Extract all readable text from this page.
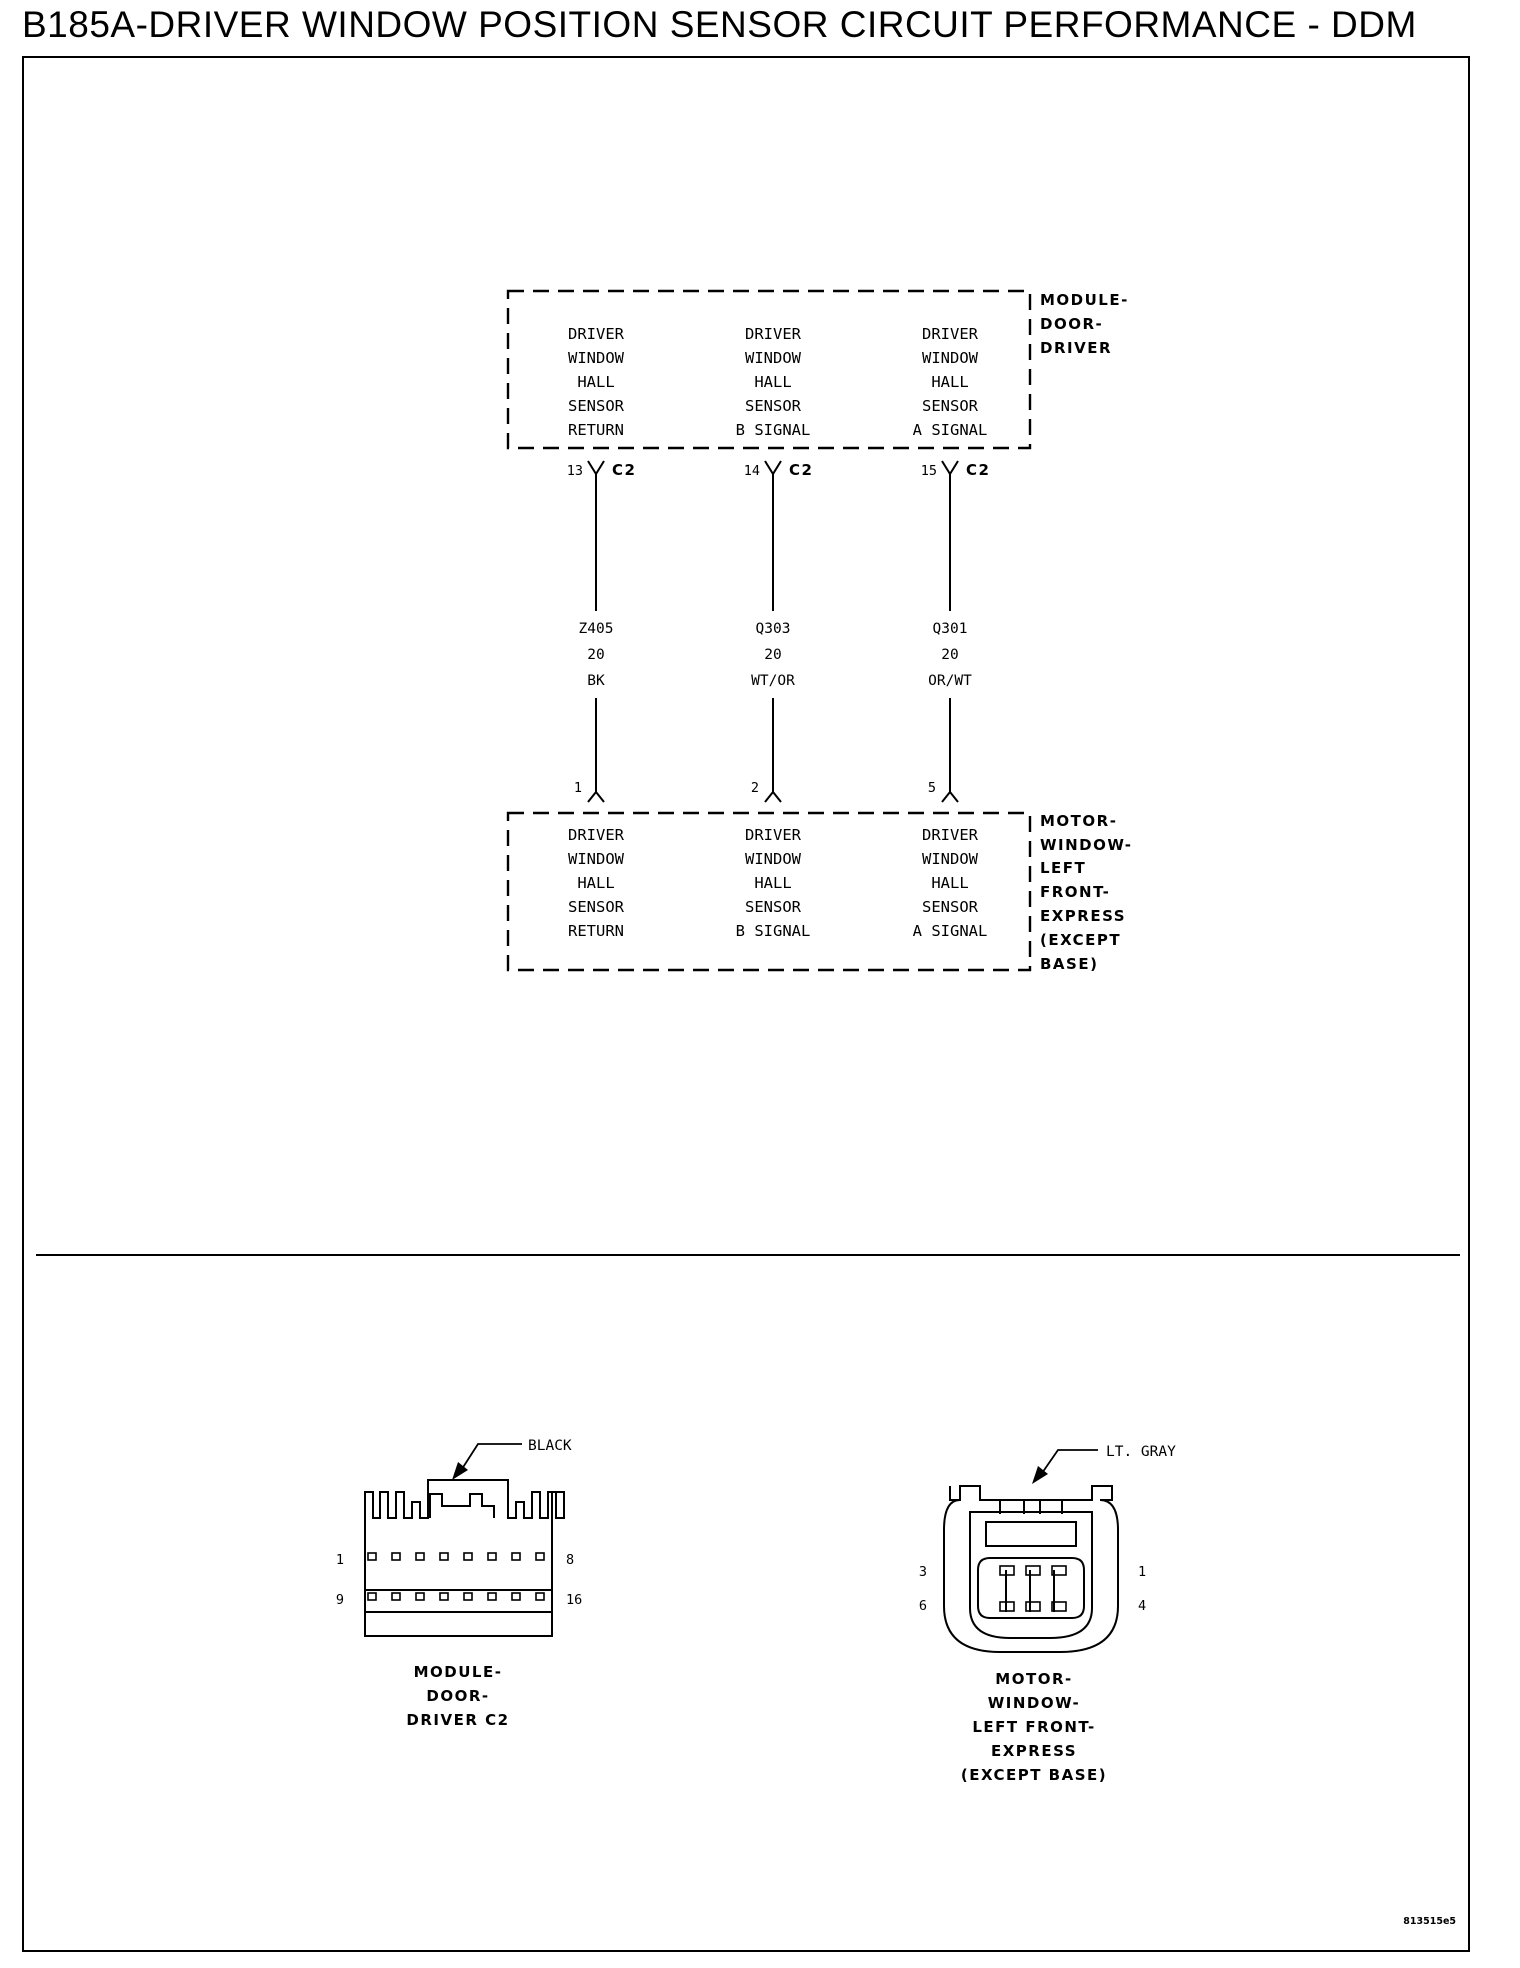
B185A-DRIVER WINDOW POSITION SENSOR CIRCUIT PERFORMANCE - DDM
MODULE-
DOOR-
DRIVER
DRIVER
WINDOW
HALL
SENSOR
RETURN
DRIVER
WINDOW
HALL
SENSOR
B SIGNAL
DRIVER
WINDOW
HALL
SENSOR
A SIGNAL
13	14	15
C2	C2	C2
Z405
20
BK
Q303
20
WT/OR
Q301
20
OR/WT
1	2	5
MOTOR-
WINDOW-
LEFT
FRONT-
EXPRESS
(EXCEPT
BASE)
DRIVER
WINDOW
HALL
SENSOR
RETURN
DRIVER
WINDOW
HALL
SENSOR
B SIGNAL
DRIVER
WINDOW
HALL
SENSOR
A SIGNAL
BLACK
1	8
9	16
MODULE-
DOOR-
DRIVER C2
LT. GRAY
3	1
6	4
MOTOR-
WINDOW-
LEFT FRONT-
EXPRESS
(EXCEPT BASE)
813515e5
